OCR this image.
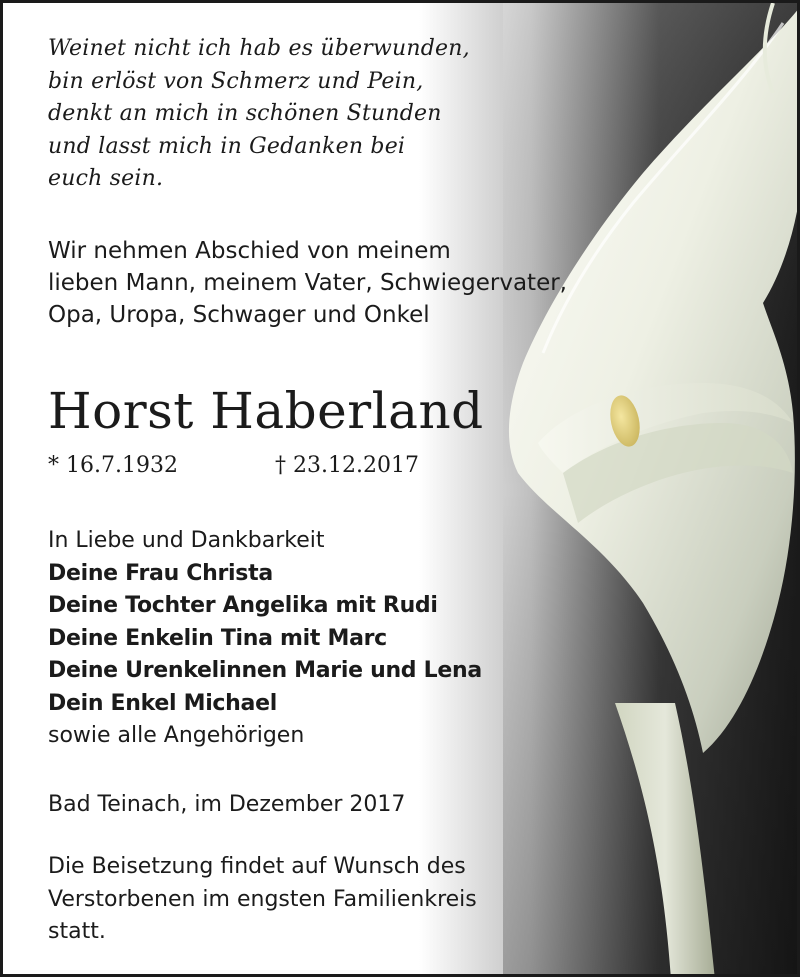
Weinet nicht ich hab es überwunden,
bin erlöst von Schmerz und Pein,
denkt an mich in schönen Stunden
und lasst mich in Gedanken bei
euch sein.
Wir nehmen Abschied von meinem
lieben Mann, meinem Vater, Schwiegervater,
Opa, Uropa, Schwager und Onkel
Horst Haberland
* 16.7.1932	† 23.12.2017
In Liebe und Dankbarkeit
Deine Frau Christa
Deine Tochter Angelika mit Rudi
Deine Enkelin Tina mit Marc
Deine Urenkelinnen Marie und Lena
Dein Enkel Michael
sowie alle Angehörigen
Bad Teinach, im Dezember 2017
Die Beisetzung findet auf Wunsch des
Verstorbenen im engsten Familienkreis
statt.
